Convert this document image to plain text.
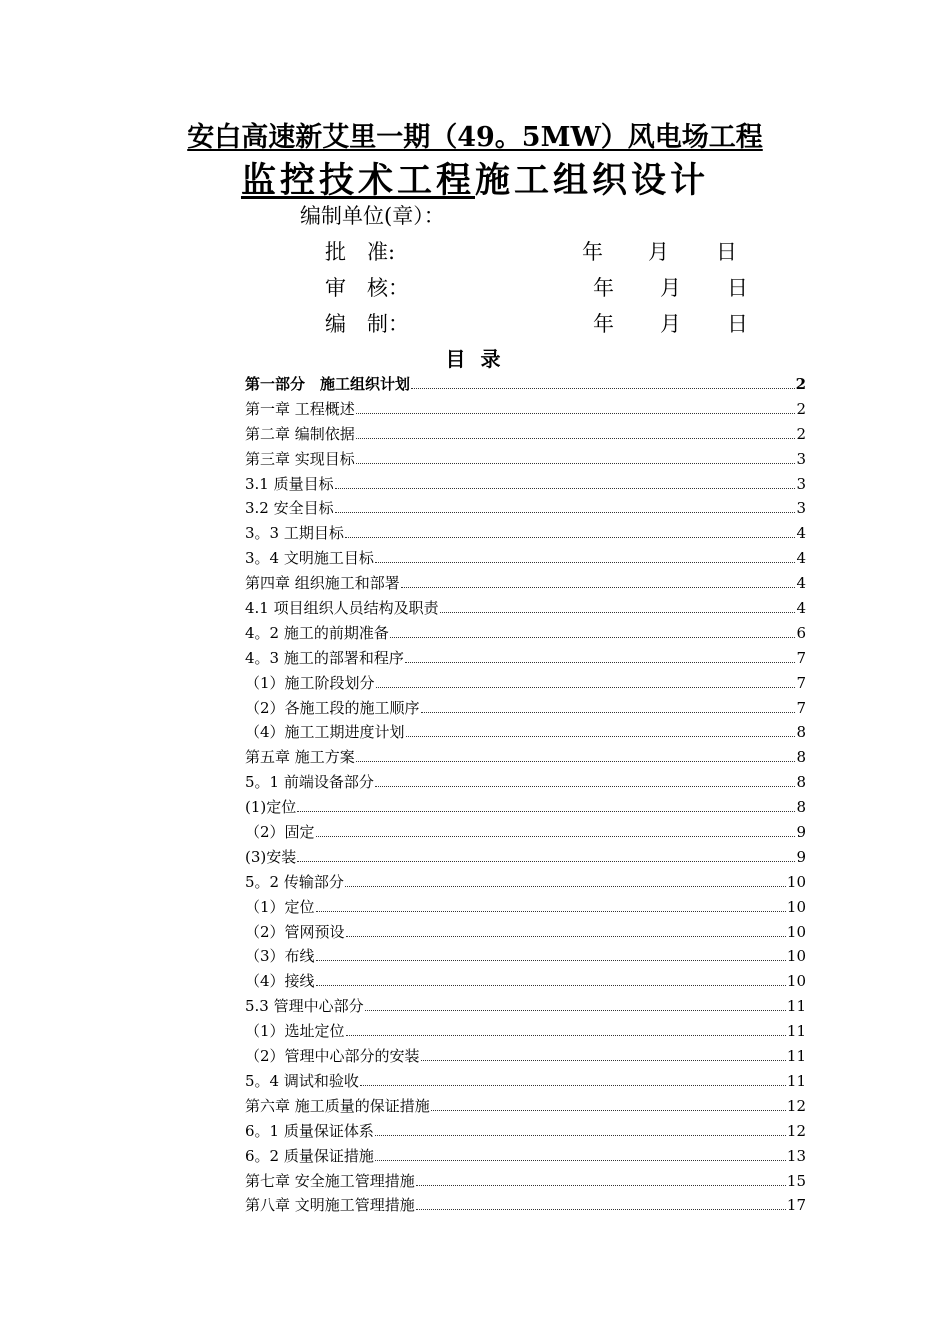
安白高速新艾里一期（49。5MW）风电场工程
监控技术工程施工组织设计
编制单位(章）：
批　准:	年 月 日
审　核：	年 月 日
编　制：	年 月 日
目 录
第一部分　施工组织计划	2
第一章 工程概述	2
第二章 编制依据	2
第三章 实现目标	3
3.1 质量目标	3
3.2 安全目标	3
3。3 工期目标	4
3。4 文明施工目标	4
第四章 组织施工和部署	4
4.1 项目组织人员结构及职责	4
4。2 施工的前期准备	6
4。3 施工的部署和程序	7
（1）施工阶段划分	7
（2）各施工段的施工顺序	7
（4）施工工期进度计划	8
第五章 施工方案	8
5。1 前端设备部分	8
(1)定位	8
（2）固定	9
(3)安装	9
5。2 传输部分	10
（1）定位	10
（2）管网预设	10
（3）布线	10
（4）接线	10
5.3 管理中心部分	11
（1）选址定位	11
（2）管理中心部分的安装	11
5。4 调试和验收	11
第六章 施工质量的保证措施	12
6。1 质量保证体系	12
6。2 质量保证措施	13
第七章 安全施工管理措施	15
第八章 文明施工管理措施	17
